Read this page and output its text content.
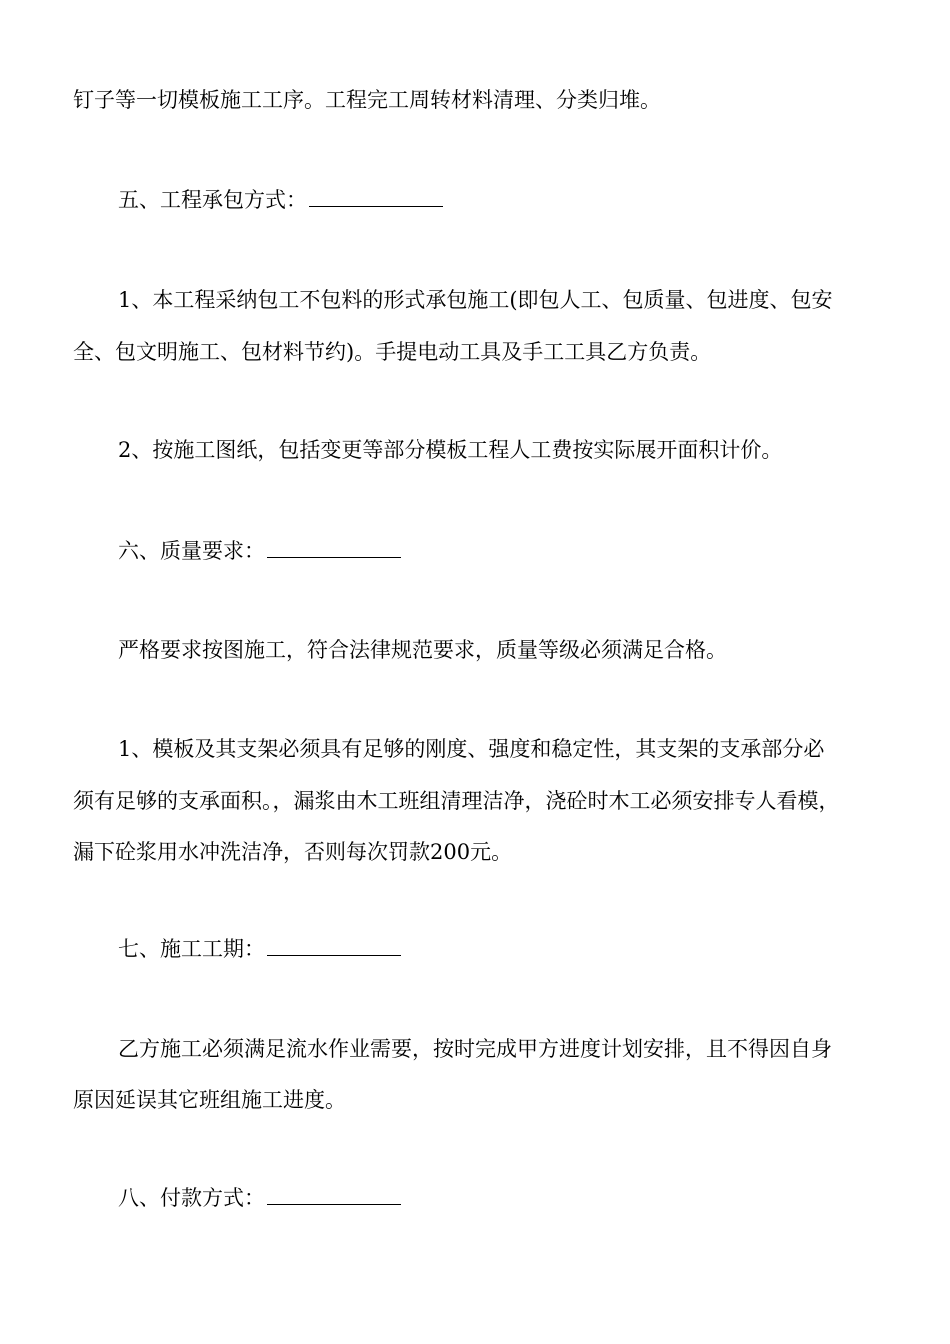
钉子等一切模板施工工序。工程完工周转材料清理、分类归堆。

五、工程承包方式：

1、本工程采纳包工不包料的形式承包施工(即包人工、包质量、包进度、包安

全、包文明施工、包材料节约)。手提电动工具及手工工具乙方负责。

2、按施工图纸，包括变更等部分模板工程人工费按实际展开面积计价。

六、质量要求：

严格要求按图施工，符合法律规范要求，质量等级必须满足合格。

1、模板及其支架必须具有足够的刚度、强度和稳定性，其支架的支承部分必

须有足够的支承面积。，漏浆由木工班组清理洁净，浇砼时木工必须安排专人看模，

漏下砼浆用水冲洗洁净，否则每次罚款200元。

七、施工工期：

乙方施工必须满足流水作业需要，按时完成甲方进度计划安排，且不得因自身

原因延误其它班组施工进度。

八、付款方式：
